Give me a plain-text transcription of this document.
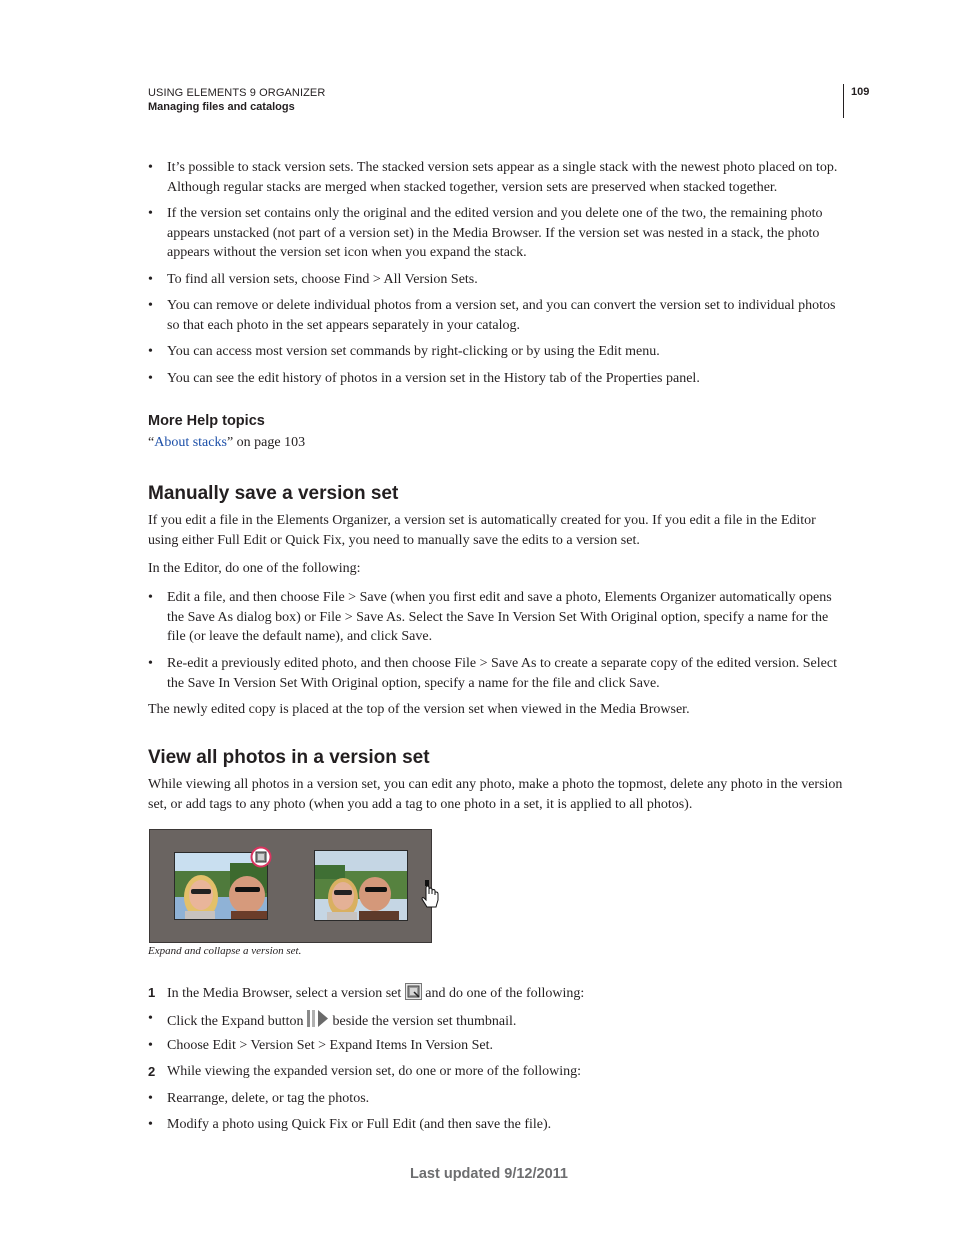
USING ELEMENTS 9 ORGANIZER
Managing files and catalogs
109
•	It’s possible to stack version sets. The stacked version sets appear as a single stack with the newest photo placed on top. Although regular stacks are merged when stacked together, version sets are preserved when stacked together.
•	If the version set contains only the original and the edited version and you delete one of the two, the remaining photo appears unstacked (not part of a version set) in the Media Browser. If the version set was nested in a stack, the photo appears without the version set icon when you expand the stack.
•	To find all version sets, choose Find > All Version Sets.
•	You can remove or delete individual photos from a version set, and you can convert the version set to individual photos so that each photo in the set appears separately in your catalog.
•	You can access most version set commands by right-clicking or by using the Edit menu.
•	You can see the edit history of photos in a version set in the History tab of the Properties panel.
More Help topics
“About stacks” on page 103
Manually save a version set
If you edit a file in the Elements Organizer, a version set is automatically created for you. If you edit a file in the Editor using either Full Edit or Quick Fix, you need to manually save the edits to a version set.
In the Editor, do one of the following:
•	Edit a file, and then choose File > Save (when you first edit and save a photo, Elements Organizer automatically opens the Save As dialog box) or File > Save As. Select the Save In Version Set With Original option, specify a name for the file (or leave the default name), and click Save.
•	Re-edit a previously edited photo, and then choose File > Save As to create a separate copy of the edited version. Select the Save In Version Set With Original option, specify a name for the file and click Save.
The newly edited copy is placed at the top of the version set when viewed in the Media Browser.
View all photos in a version set
While viewing all photos in a version set, you can edit any photo, make a photo the topmost, delete any photo in the version set, or add tags to any photo (when you add a tag to one photo in a set, it is applied to all photos).
Expand and collapse a version set.
1 In the Media Browser, select a version set  and do one of the following:
•	Click the Expand button  beside the version set thumbnail.
•	Choose Edit > Version Set > Expand Items In Version Set.
2 While viewing the expanded version set, do one or more of the following:
•	Rearrange, delete, or tag the photos.
•	Modify a photo using Quick Fix or Full Edit (and then save the file).
Last updated 9/12/2011
